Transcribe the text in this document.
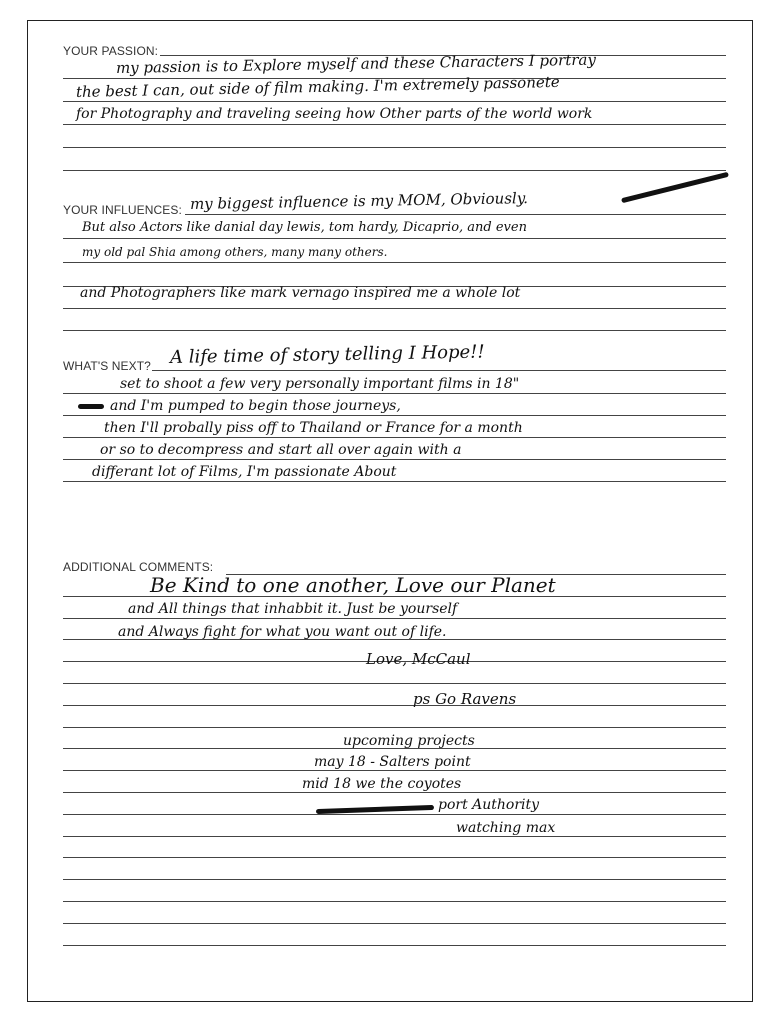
YOUR PASSION:
YOUR INFLUENCES:
WHAT'S NEXT?
ADDITIONAL COMMENTS:
my passion is to Explore myself and these Characters I portray
the best I can, out side of film making. I'm extremely passonete
for Photography and traveling seeing how Other parts of the world work
my biggest influence is my MOM, Obviously.
But also Actors like danial day lewis, tom hardy, Dicaprio, and even
my old pal Shia among others, many many others.
and Photographers like mark vernago inspired me a whole lot
A life time of story telling I Hope!!
set to shoot a few very personally important films in 18"
and I'm pumped to begin those journeys,
then I'll probally piss off to Thailand or France for a month
or so to decompress and start all over again with a
differant lot of Films, I'm passionate About
Be Kind to one another, Love our Planet
and All things that inhabbit it. Just be yourself
and Always fight for what you want out of life.
Love, McCaul
ps Go Ravens
upcoming projects
may 18 - Salters point
mid 18 we the coyotes
port Authority
watching max
